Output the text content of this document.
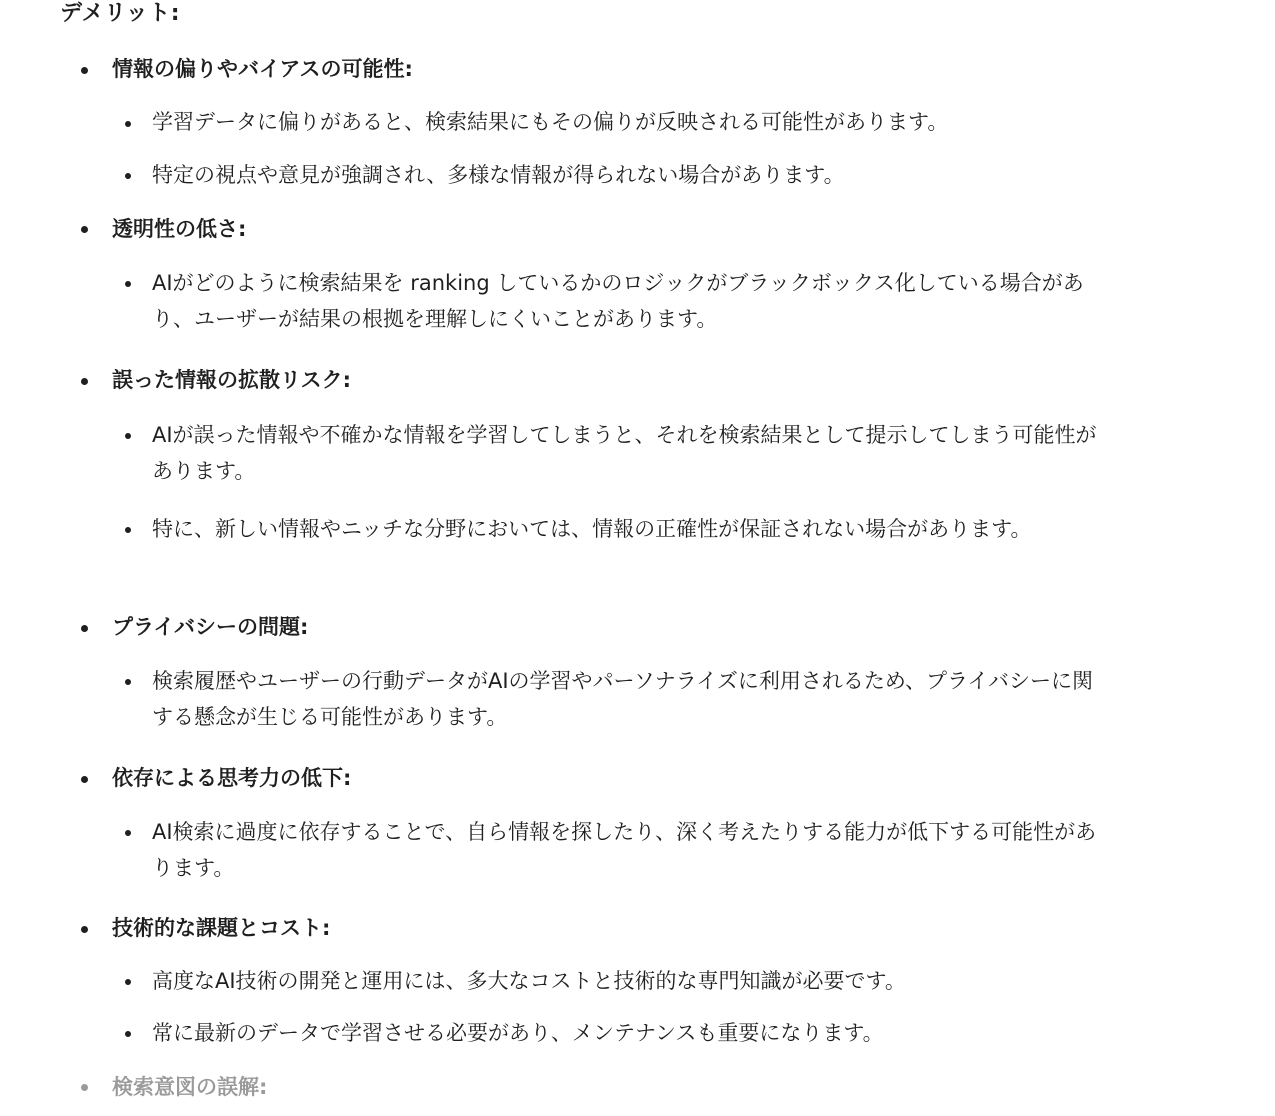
デメリット:
情報の偏りやバイアスの可能性:
学習データに偏りがあると、検索結果にもその偏りが反映される可能性があります。
特定の視点や意見が強調され、多様な情報が得られない場合があります。
透明性の低さ:
AIがどのように検索結果を ranking しているかのロジックがブラックボックス化している場合があり、ユーザーが結果の根拠を理解しにくいことがあります。
誤った情報の拡散リスク:
AIが誤った情報や不確かな情報を学習してしまうと、それを検索結果として提示してしまう可能性があります。
特に、新しい情報やニッチな分野においては、情報の正確性が保証されない場合があります。
プライバシーの問題:
検索履歴やユーザーの行動データがAIの学習やパーソナライズに利用されるため、プライバシーに関する懸念が生じる可能性があります。
依存による思考力の低下:
AI検索に過度に依存することで、自ら情報を探したり、深く考えたりする能力が低下する可能性があります。
技術的な課題とコスト:
高度なAI技術の開発と運用には、多大なコストと技術的な専門知識が必要です。
常に最新のデータで学習させる必要があり、メンテナンスも重要になります。
検索意図の誤解:
